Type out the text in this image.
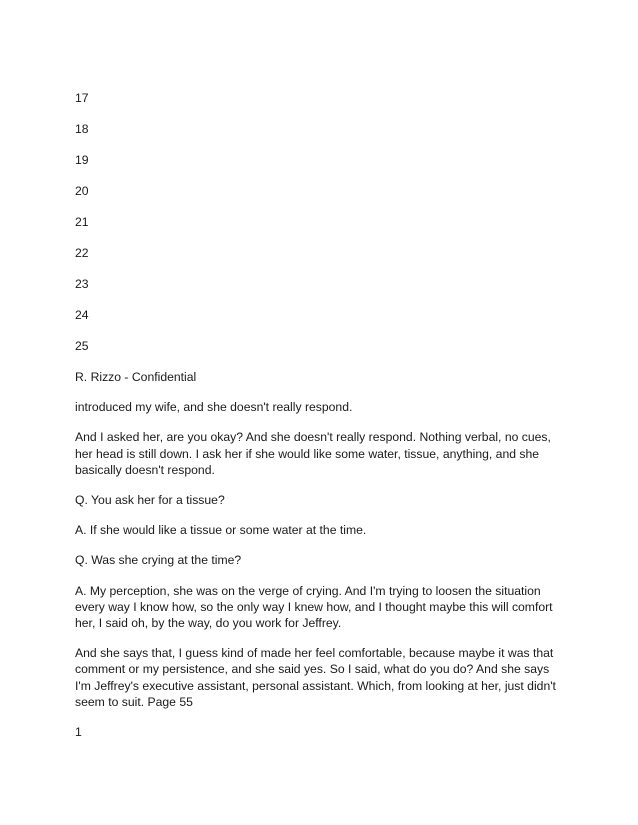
17
18
19
20
21
22
23
24
25

R. Rizzo - Confidential

introduced my wife, and she doesn't really respond.

And I asked her, are you okay? And she doesn't really respond. Nothing verbal, no cues, her head is still down. I ask her if she would like some water, tissue, anything, and she basically doesn't respond.

Q. You ask her for a tissue?

A. If she would like a tissue or some water at the time.

Q. Was she crying at the time?

A. My perception, she was on the verge of crying. And I'm trying to loosen the situation every way I know how, so the only way I knew how, and I thought maybe this will comfort her, I said oh, by the way, do you work for Jeffrey.

And she says that, I guess kind of made her feel comfortable, because maybe it was that comment or my persistence, and she said yes. So I said, what do you do? And she says I'm Jeffrey's executive assistant, personal assistant. Which, from looking at her, just didn't seem to suit. Page 55

1
